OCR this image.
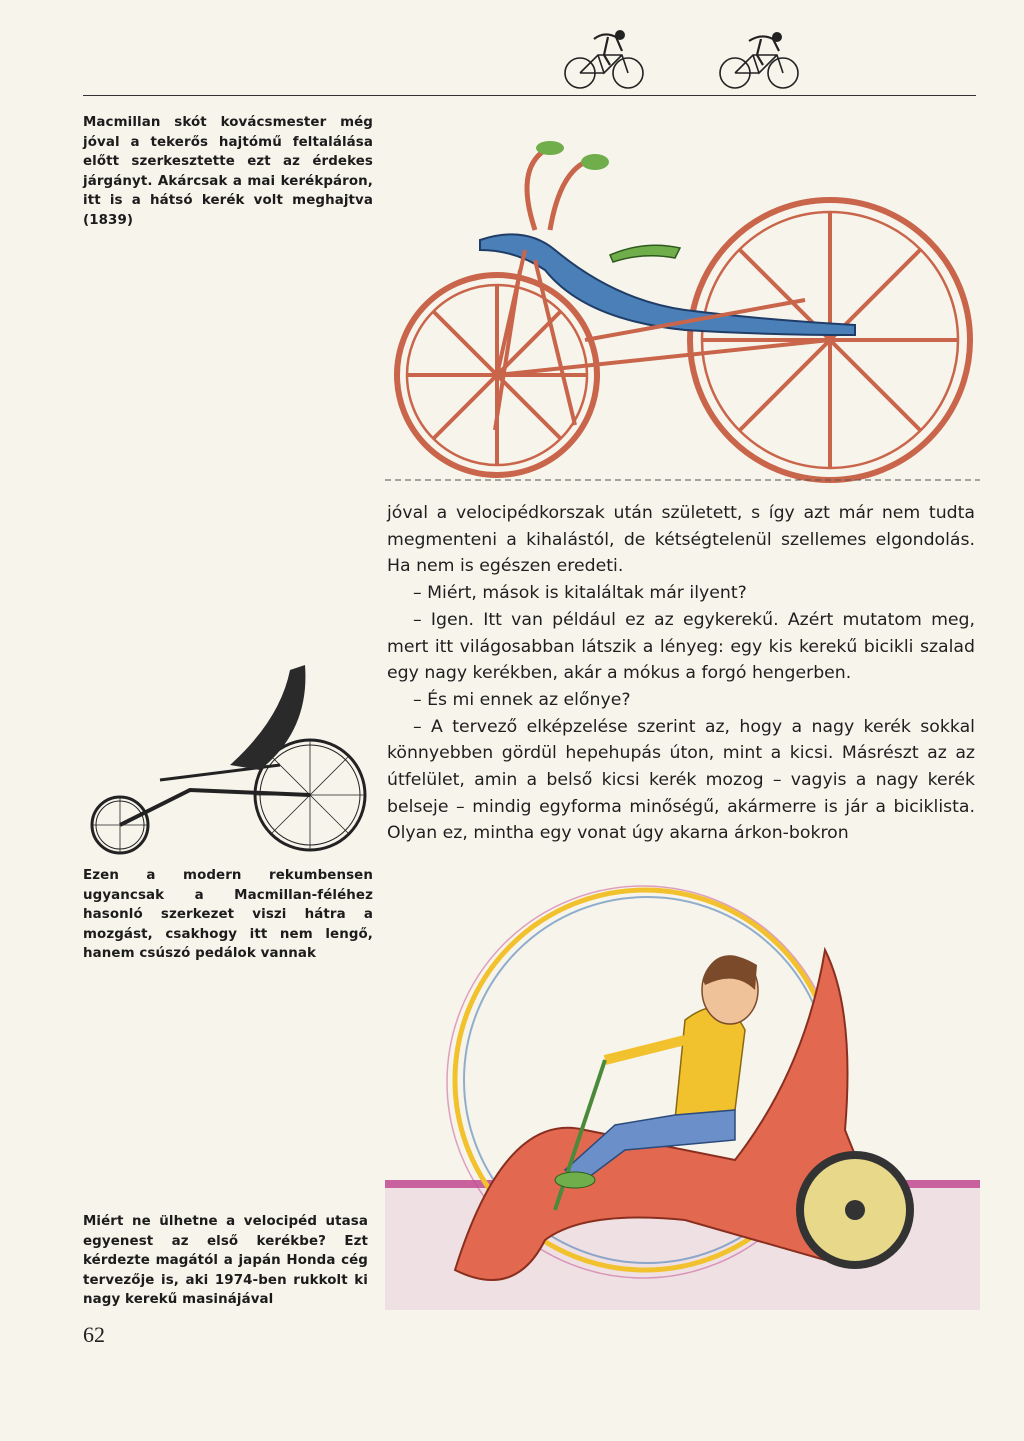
Macmillan skót kovácsmester még jóval a tekerős hajtómű feltalálása előtt szerkesztette ezt az érdekes járgányt. Akárcsak a mai kerékpáron, itt is a hátsó kerék volt meghajtva (1839)

jóval a velocipédkorszak után született, s így azt már nem tudta megmenteni a kihalástól, de kétségtelenül szellemes elgondolás. Ha nem is egészen eredeti.

– Miért, mások is kitaláltak már ilyent?

– Igen. Itt van például ez az egykerekű. Azért mutatom meg, mert itt világosabban látszik a lényeg: egy kis kerekű bicikli szalad egy nagy kerékben, akár a mókus a forgó hengerben.

– És mi ennek az előnye?

– A tervező elképzelése szerint az, hogy a nagy kerék sokkal könnyebben gördül hepehupás úton, mint a kicsi. Másrészt az az útfelület, amin a belső kicsi kerék mozog – vagyis a nagy kerék belseje – mindig egyforma minőségű, akármerre is jár a biciklista. Olyan ez, mintha egy vonat úgy akarna árkon-bokron

Ezen a modern rekumbensen ugyancsak a Macmillan-féléhez hasonló szerkezet viszi hátra a mozgást, csakhogy itt nem lengő, hanem csúszó pedálok vannak
Miért ne ülhetne a velocipéd utasa egyenest az első kerékbe? Ezt kérdezte magától a japán Honda cég tervezője is, aki 1974-ben rukkolt ki nagy kerekű masinájával
62
